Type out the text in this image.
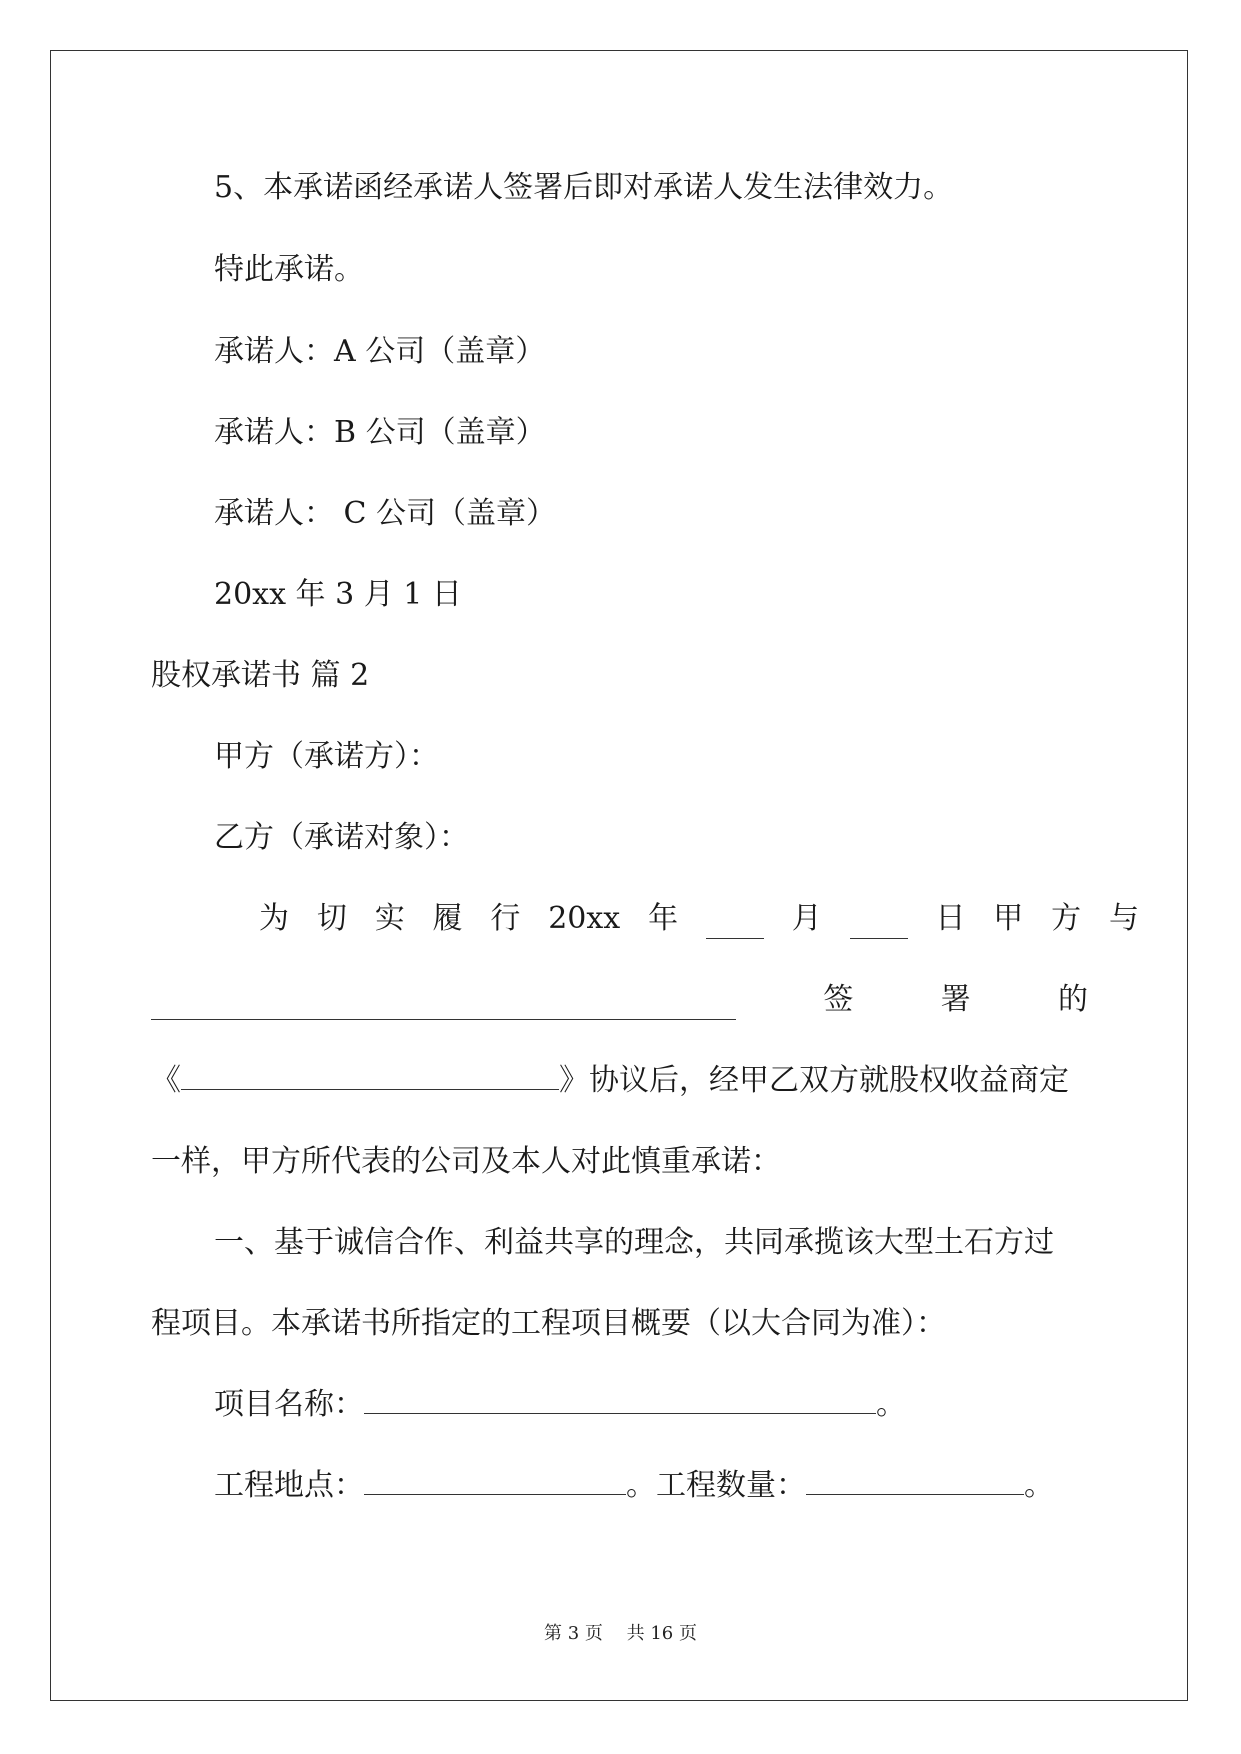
5、本承诺函经承诺人签署后即对承诺人发生法律效力。
特此承诺。
承诺人：A 公司（盖章）
承诺人：B 公司（盖章）
承诺人： C 公司（盖章）
20xx 年 3 月 1 日
股权承诺书 篇 2
甲方（承诺方）：
乙方（承诺对象）：
为 切 实 履 行 20xx 年	月	日 甲 方 与
签	署	的
《	》协议后，经甲乙双方就股权收益商定
一样，甲方所代表的公司及本人对此慎重承诺：
一、基于诚信合作、利益共享的理念，共同承揽该大型土石方过
程项目。本承诺书所指定的工程项目概要（以大合同为准）：
项目名称：	。
工程地点：	。工程数量：	。
第 3 页　 共 16 页
